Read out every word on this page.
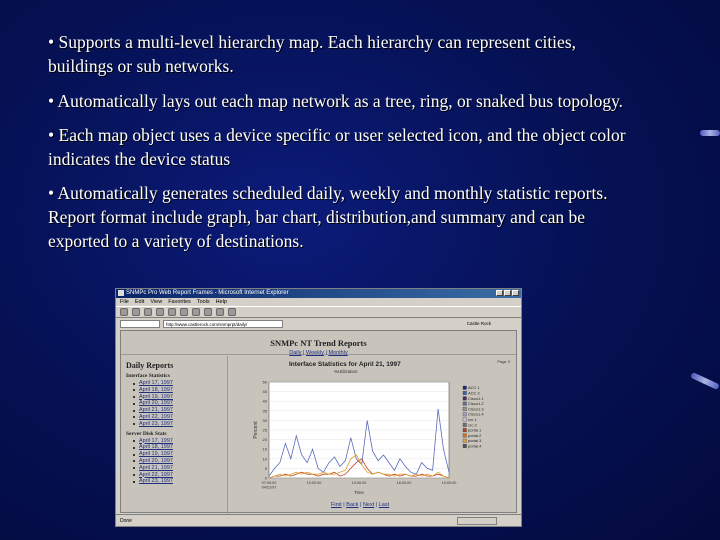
• Supports a multi-level hierarchy map. Each hierarchy can represent cities, buildings or sub networks.

• Automatically lays out each map network as a tree, ring, or snaked bus topology.

• Each map object uses a device specific or user selected icon, and the object color indicates the device status

• Automatically generates scheduled daily, weekly and monthly statistic reports. Report format include graph, bar chart, distribution,and summary and can be exported to a variety of destinations.

SNMPc Pro Web Report Frames - Microsoft Internet Explorer
File Edit View Favorites Tools Help
http://www.castlerock.com/snmprpt/daily/	Castle Rock
SNMPc NT Trend Reports
Daily | Weekly | Monthly
Daily Reports
Interface Statistics
April 17, 1997
April 18, 1997
April 19, 1997
April 20, 1997
April 21, 1997
April 22, 1997
April 23, 1997
Server Disk Stats
April 17, 1997
April 18, 1997
April 19, 1997
April 20, 1997
April 21, 1997
April 22, 1997
April 23, 1997
Page 3
Interface Statistics for April 21, 1997
%Utilization
50
45
40
35
30
25
20
15
10
5
0
07:00:00
04/21/97
10:00:00	13:00:00	16:00:00	19:00:00
Time
Percent
ACC 1
ACC 2
Cisco1.1
Cisco1.2
Cisco1.3
Cisco1.4
crc 1
crc 2
portal.1
portal.2
portal.3
portal.4
First | Back | Next | Last
Done
